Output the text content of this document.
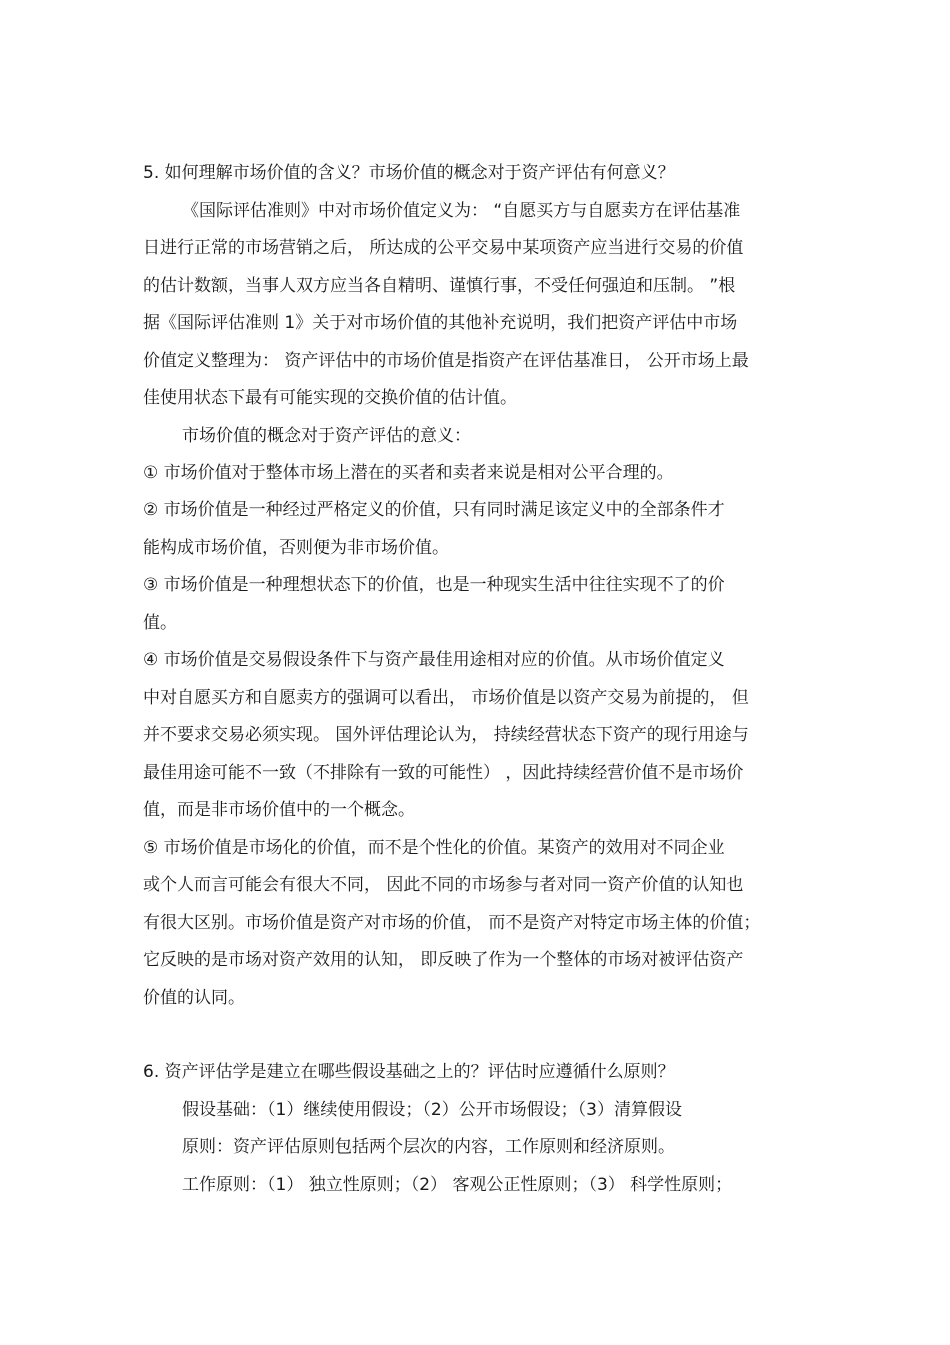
5. 如何理解市场价值的含义？市场价值的概念对于资产评估有何意义？
《国际评估准则》中对市场价值定义为： “自愿买方与自愿卖方在评估基准
日进行正常的市场营销之后， 所达成的公平交易中某项资产应当进行交易的价值
的估计数额，当事人双方应当各自精明、谨慎行事，不受任何强迫和压制。 ”根
据《国际评估准则 1》关于对市场价值的其他补充说明，我们把资产评估中市场
价值定义整理为： 资产评估中的市场价值是指资产在评估基准日， 公开市场上最
佳使用状态下最有可能实现的交换价值的估计值。
市场价值的概念对于资产评估的意义：
① 市场价值对于整体市场上潜在的买者和卖者来说是相对公平合理的。
② 市场价值是一种经过严格定义的价值，只有同时满足该定义中的全部条件才
能构成市场价值，否则便为非市场价值。
③ 市场价值是一种理想状态下的价值，也是一种现实生活中往往实现不了的价
值。
④ 市场价值是交易假设条件下与资产最佳用途相对应的价值。从市场价值定义
中对自愿买方和自愿卖方的强调可以看出， 市场价值是以资产交易为前提的， 但
并不要求交易必须实现。 国外评估理论认为， 持续经营状态下资产的现行用途与
最佳用途可能不一致（不排除有一致的可能性） ，因此持续经营价值不是市场价
值，而是非市场价值中的一个概念。
⑤ 市场价值是市场化的价值，而不是个性化的价值。某资产的效用对不同企业
或个人而言可能会有很大不同， 因此不同的市场参与者对同一资产价值的认知也
有很大区别。市场价值是资产对市场的价值， 而不是资产对特定市场主体的价值；
它反映的是市场对资产效用的认知， 即反映了作为一个整体的市场对被评估资产
价值的认同。
6. 资产评估学是建立在哪些假设基础之上的？评估时应遵循什么原则？
假设基础：（1）继续使用假设；（2）公开市场假设；（3）清算假设
原则：资产评估原则包括两个层次的内容，工作原则和经济原则。
工作原则：（1） 独立性原则；（2） 客观公正性原则；（3） 科学性原则；
